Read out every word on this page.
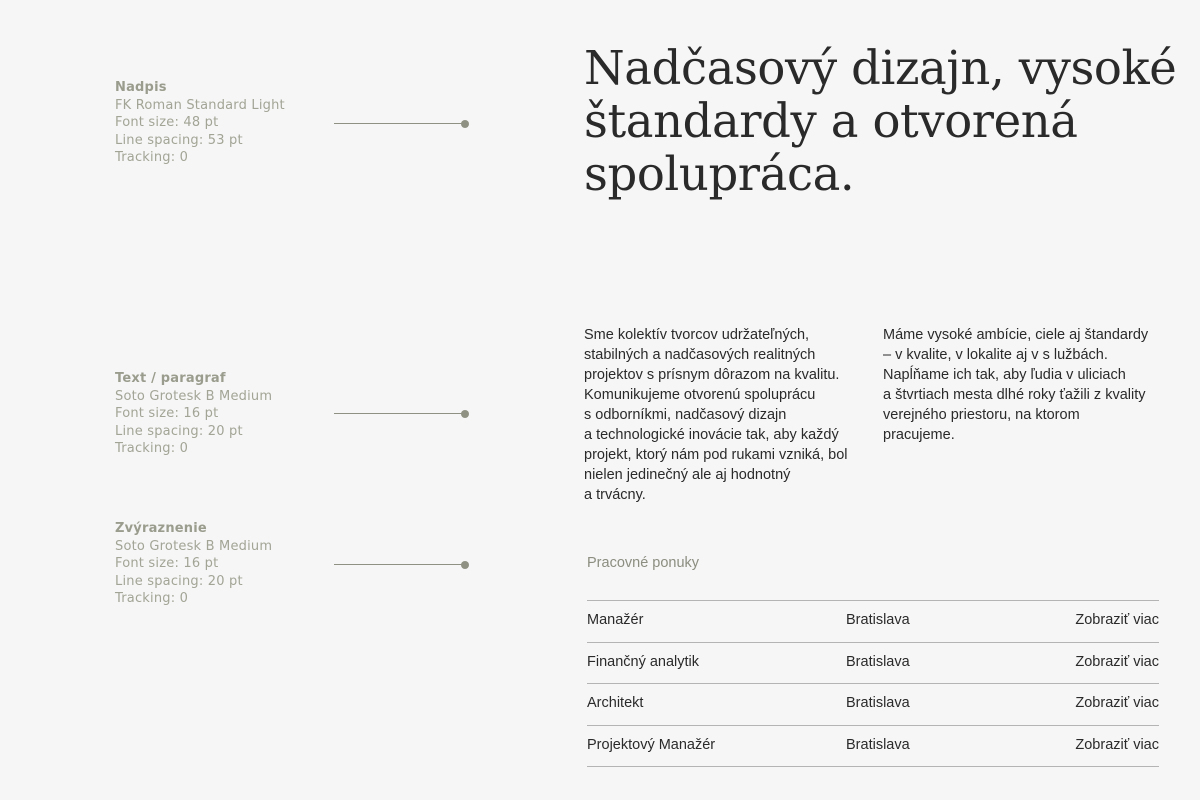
Nadpis
FK Roman Standard Light
Font size: 48 pt
Line spacing: 53 pt
Tracking: 0
Text / paragraf
Soto Grotesk B Medium
Font size: 16 pt
Line spacing: 20 pt
Tracking: 0
Zvýraznenie
Soto Grotesk B Medium
Font size: 16 pt
Line spacing: 20 pt
Tracking: 0
Nadčasový dizajn, vysoké
štandardy a otvorená
spolupráca.
Sme kolektív tvorcov udržateľných,
stabilných a nadčasových realitných
projektov s prísnym dôrazom na kvalitu.
Komunikujeme otvorenú spoluprácu
s odborníkmi, nadčasový dizajn
a technologické inovácie tak, aby každý
projekt, ktorý nám pod rukami vzniká, bol
nielen jedinečný ale aj hodnotný
a trvácny.
Máme vysoké ambície, ciele aj štandardy
– v kvalite, v lokalite aj v s lužbách.
Napĺňame ich tak, aby ľudia v uliciach
a štvrtiach mesta dlhé roky ťažili z kvality
verejného priestoru, na ktorom
pracujeme.
Pracovné ponuky
Manažér	Bratislava	Zobraziť viac
Finančný analytik	Bratislava	Zobraziť viac
Architekt	Bratislava	Zobraziť viac
Projektový Manažér	Bratislava	Zobraziť viac
